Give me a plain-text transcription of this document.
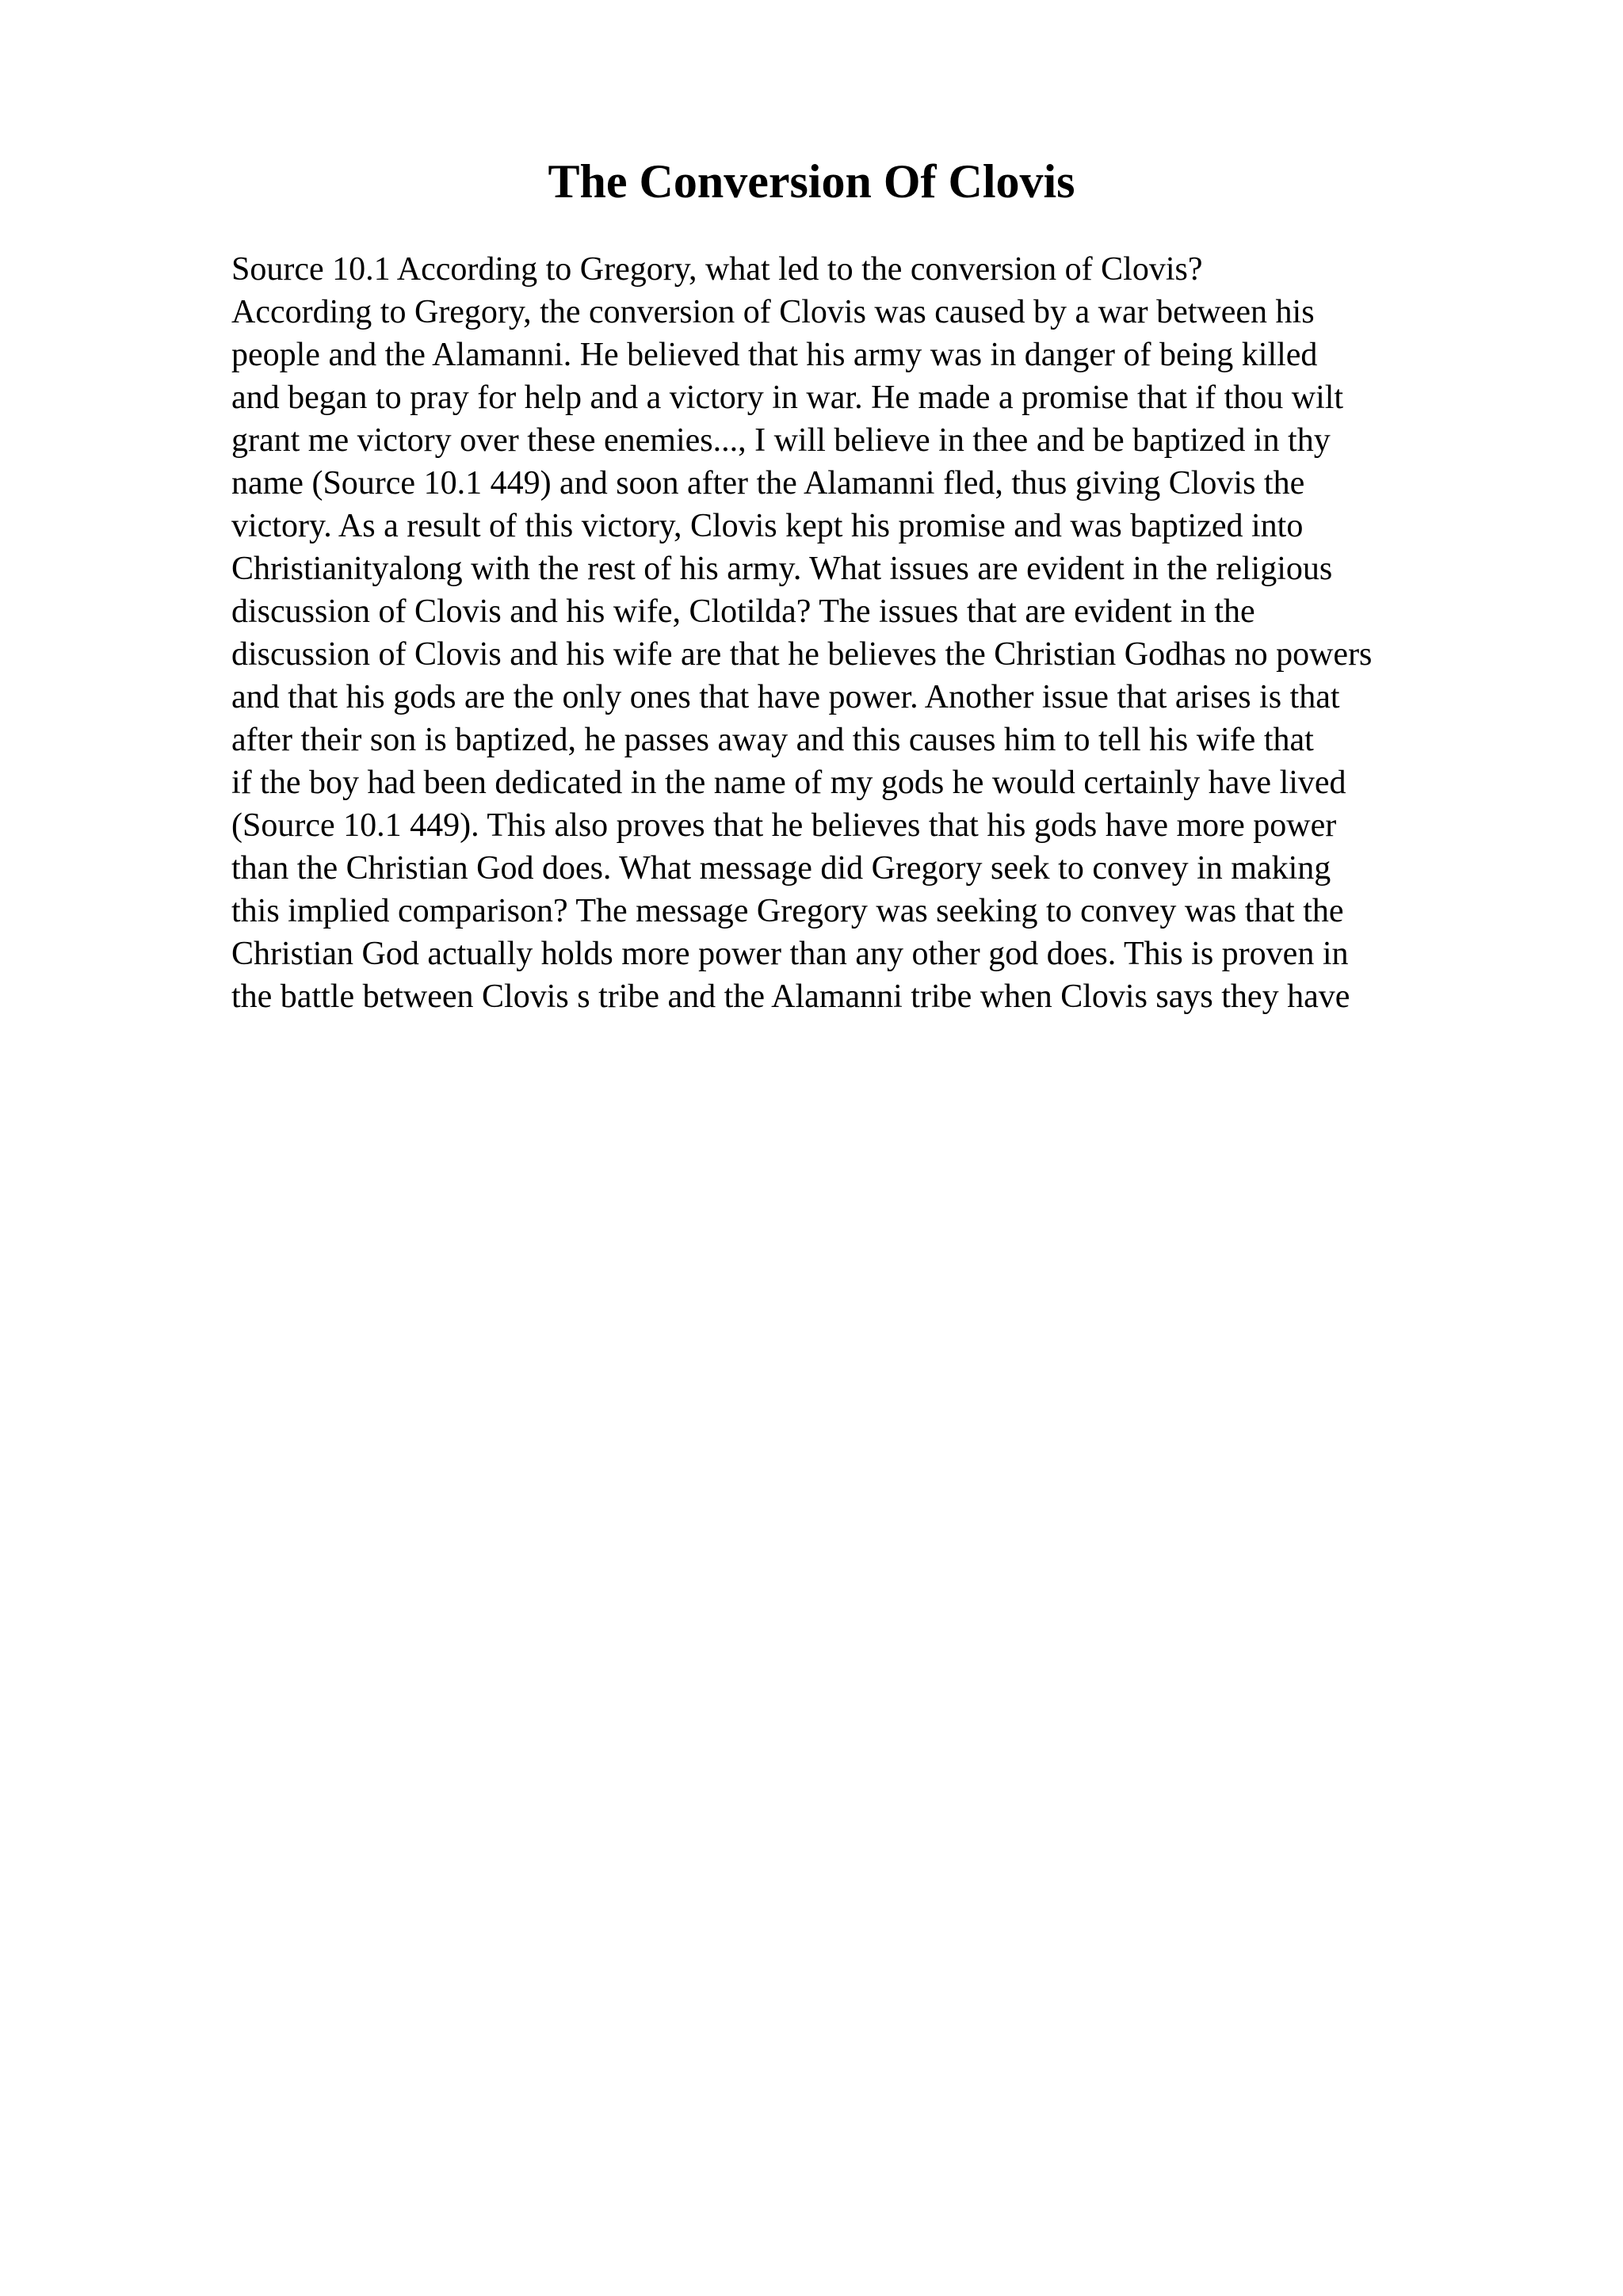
The Conversion Of Clovis
Source 10.1 According to Gregory, what led to the conversion of Clovis?
According to Gregory, the conversion of Clovis was caused by a war between his
people and the Alamanni. He believed that his army was in danger of being killed
and began to pray for help and a victory in war. He made a promise that if thou wilt
grant me victory over these enemies..., I will believe in thee and be baptized in thy
name (Source 10.1 449) and soon after the Alamanni fled, thus giving Clovis the
victory. As a result of this victory, Clovis kept his promise and was baptized into
Christianityalong with the rest of his army. What issues are evident in the religious
discussion of Clovis and his wife, Clotilda? The issues that are evident in the
discussion of Clovis and his wife are that he believes the Christian Godhas no powers
and that his gods are the only ones that have power. Another issue that arises is that
after their son is baptized, he passes away and this causes him to tell his wife that
if the boy had been dedicated in the name of my gods he would certainly have lived
(Source 10.1 449). This also proves that he believes that his gods have more power
than the Christian God does. What message did Gregory seek to convey in making
this implied comparison? The message Gregory was seeking to convey was that the
Christian God actually holds more power than any other god does. This is proven in
the battle between Clovis s tribe and the Alamanni tribe when Clovis says they have
